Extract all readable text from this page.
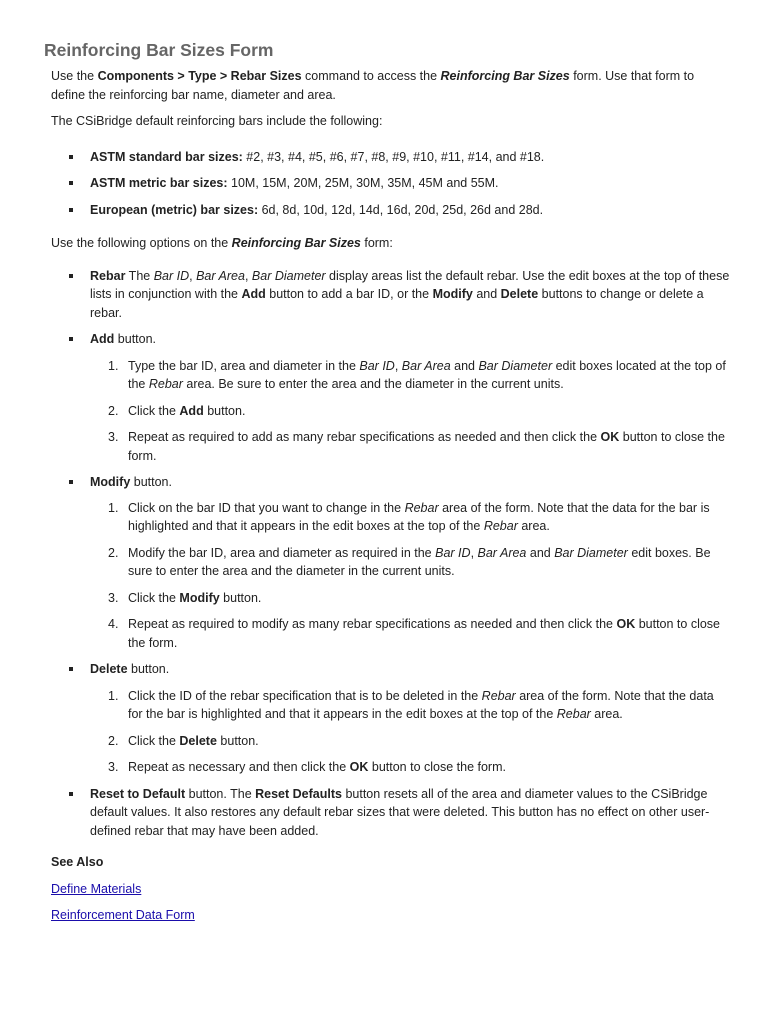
Reinforcing Bar Sizes Form

Use the Components > Type > Rebar Sizes command to access the Reinforcing Bar Sizes form. Use that form to define the reinforcing bar name, diameter and area.

The CSiBridge default reinforcing bars include the following:

ASTM standard bar sizes: #2, #3, #4, #5, #6, #7, #8, #9, #10, #11, #14, and #18.
ASTM metric bar sizes: 10M, 15M, 20M, 25M, 30M, 35M, 45M and 55M.
European (metric) bar sizes: 6d, 8d, 10d, 12d, 14d, 16d, 20d, 25d, 26d and 28d.

Use the following options on the Reinforcing Bar Sizes form:

Rebar The Bar ID, Bar Area, Bar Diameter display areas list the default rebar. Use the edit boxes at the top of these lists in conjunction with the Add button to add a bar ID, or the Modify and Delete buttons to change or delete a rebar.
Add button.
1. Type the bar ID, area and diameter in the Bar ID, Bar Area and Bar Diameter edit boxes located at the top of the Rebar area. Be sure to enter the area and the diameter in the current units.
2. Click the Add button.
3. Repeat as required to add as many rebar specifications as needed and then click the OK button to close the form.
Modify button.
1. Click on the bar ID that you want to change in the Rebar area of the form. Note that the data for the bar is highlighted and that it appears in the edit boxes at the top of the Rebar area.
2. Modify the bar ID, area and diameter as required in the Bar ID, Bar Area and Bar Diameter edit boxes. Be sure to enter the area and the diameter in the current units.
3. Click the Modify button.
4. Repeat as required to modify as many rebar specifications as needed and then click the OK button to close the form.
Delete button.
1. Click the ID of the rebar specification that is to be deleted in the Rebar area of the form. Note that the data for the bar is highlighted and that it appears in the edit boxes at the top of the Rebar area.
2. Click the Delete button.
3. Repeat as necessary and then click the OK button to close the form.
Reset to Default button. The Reset Defaults button resets all of the area and diameter values to the CSiBridge default values. It also restores any default rebar sizes that were deleted. This button has no effect on other user-defined rebar that may have been added.

See Also

Define Materials

Reinforcement Data Form
